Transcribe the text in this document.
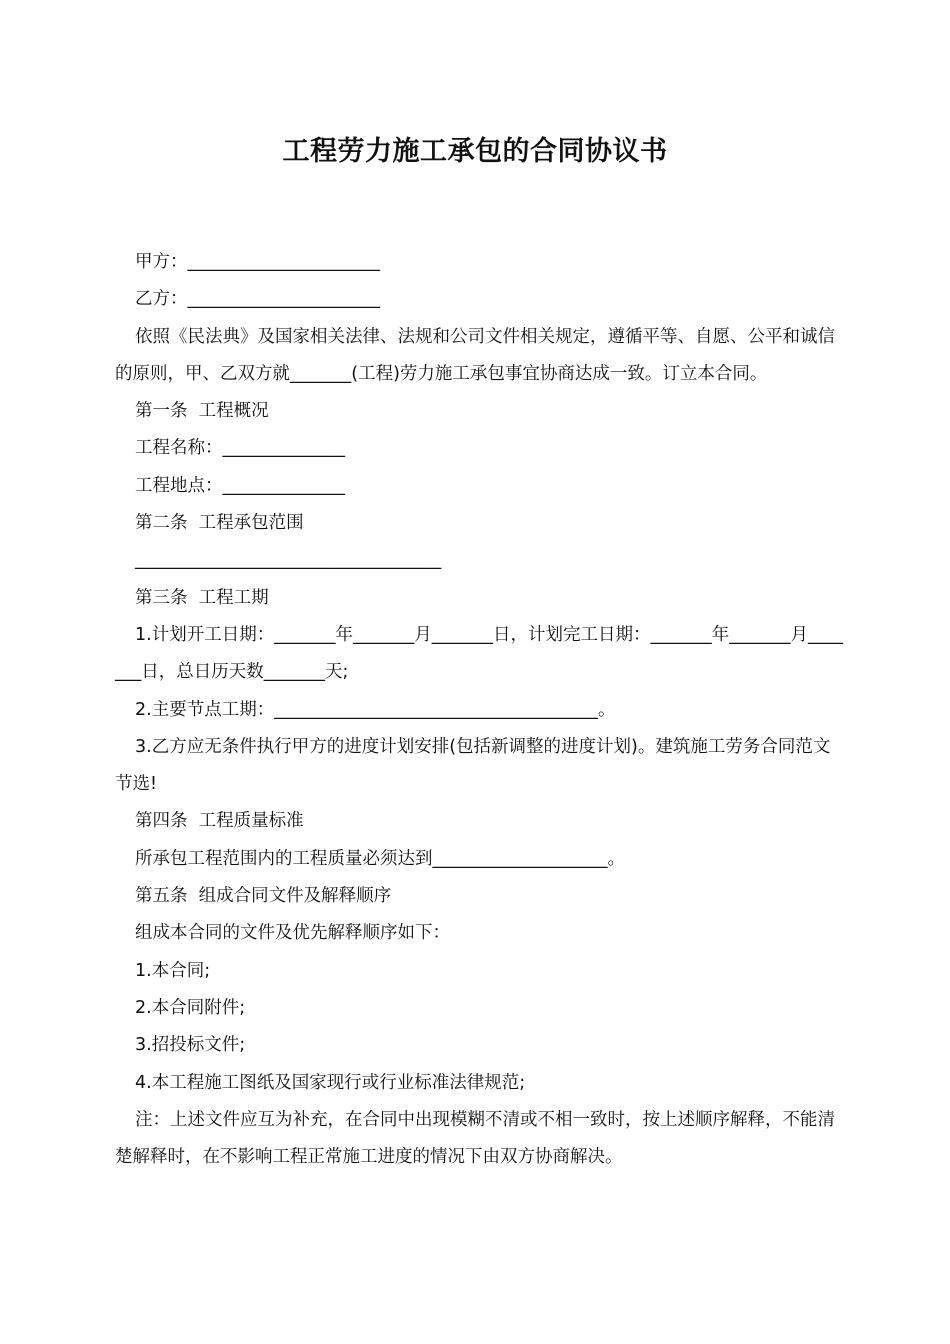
工程劳力施工承包的合同协议书

甲方：______________________

乙方：______________________

依照《民法典》及国家相关法律、法规和公司文件相关规定，遵循平等、自愿、公平和诚信的原则，甲、乙双方就_______(工程)劳力施工承包事宜协商达成一致。订立本合同。

第一条  工程概况

工程名称：______________

工程地点：______________

第二条  工程承包范围

___________________________________

第三条  工程工期

1.计划开工日期：_______年_______月_______日，计划完工日期：_______年_______月_______日，总日历天数_______天;

2.主要节点工期：_____________________________________。

3.乙方应无条件执行甲方的进度计划安排(包括新调整的进度计划)。建筑施工劳务合同范文节选!

第四条  工程质量标准

所承包工程范围内的工程质量必须达到____________________。

第五条  组成合同文件及解释顺序

组成本合同的文件及优先解释顺序如下：

1.本合同;

2.本合同附件;

3.招投标文件;

4.本工程施工图纸及国家现行或行业标准法律规范;

注：上述文件应互为补充，在合同中出现模糊不清或不相一致时，按上述顺序解释，不能清楚解释时，在不影响工程正常施工进度的情况下由双方协商解决。
